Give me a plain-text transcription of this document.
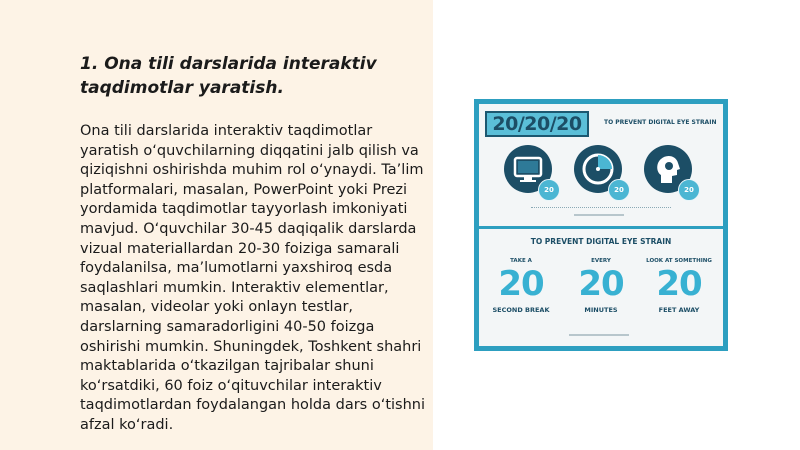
1. Ona tili darslarida interaktiv taqdimotlar yaratish.

Ona tili darslarida interaktiv taqdimotlar yaratish o‘quvchilarning diqqatini jalb qilish va qiziqishni oshirishda muhim rol o‘ynaydi. Ta’lim platformalari, masalan, PowerPoint yoki Prezi yordamida taqdimotlar tayyorlash imkoniyati mavjud. O‘quvchilar 30-45 daqiqalik darslarda vizual materiallardan 20-30 foiziga samarali foydalanilsa, ma’lumotlarni yaxshiroq esda saqlashlari mumkin. Interaktiv elementlar, masalan, videolar yoki onlayn testlar, darslarning samaradorligini 40-50 foizga oshirishi mumkin. Shuningdek, Toshkent shahri maktablarida o‘tkazilgan tajribalar shuni ko‘rsatdiki, 60 foiz o‘qituvchilar interaktiv taqdimotlardan foydalangan holda dars o‘tishni afzal ko‘radi.

20/20/20	TO PREVENT DIGITAL EYE STRAIN
20	20	20
TO PREVENT DIGITAL EYE STRAIN
TAKE A
20
SECOND BREAK
EVERY
20
MINUTES
LOOK AT SOMETHING
20
FEET AWAY
